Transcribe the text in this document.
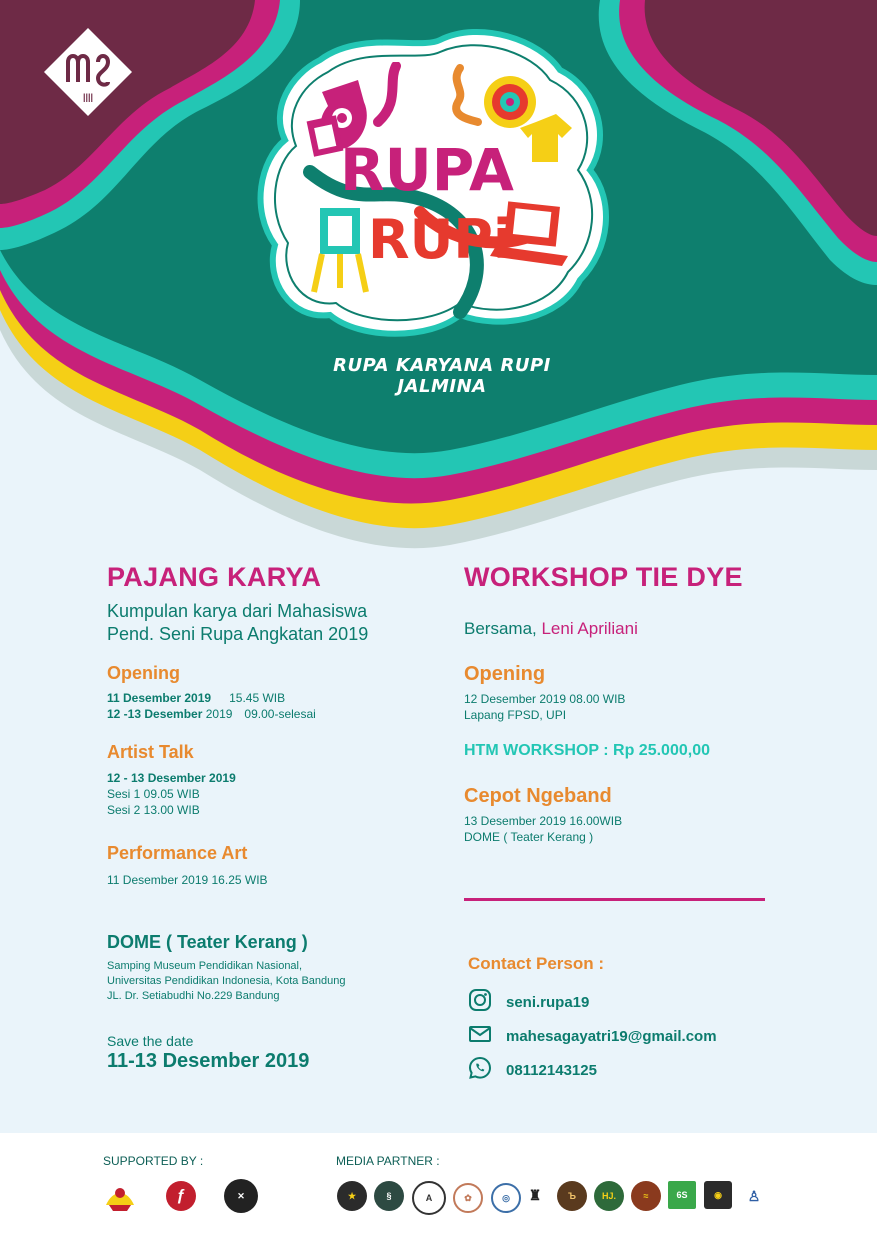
||||
RUPA
RUPi
RUPA KARYANA RUPI JALMINA
PAJANG KARYA
Kumpulan karya dari Mahasiswa
Pend. Seni Rupa Angkatan 2019
Opening
11 Desember 2019 15.45 WIB
12 -13 Desember 2019 09.00-selesai
Artist Talk
12 - 13 Desember 2019
Sesi 1 09.05 WIB
Sesi 2 13.00 WIB
Performance Art
11 Desember 2019 16.25 WIB
DOME ( Teater Kerang )
Samping Museum Pendidikan Nasional,
Universitas Pendidikan Indonesia, Kota Bandung
JL. Dr. Setiabudhi No.229 Bandung
Save the date
11-13 Desember 2019
WORKSHOP TIE DYE
Bersama, Leni Apriliani
Opening
12 Desember 2019 08.00 WIB
Lapang FPSD, UPI
HTM WORKSHOP : Rp 25.000,00
Cepot Ngeband
13 Desember 2019 16.00WIB
DOME ( Teater Kerang )
Contact Person :
seni.rupa19
mahesagayatri19@gmail.com
08112143125
SUPPORTED BY :	MEDIA PARTNER :
ƒ	✕	★	§	A	✿	◎	♜	Ъ	HJ.	≈	6S	◉	♙
